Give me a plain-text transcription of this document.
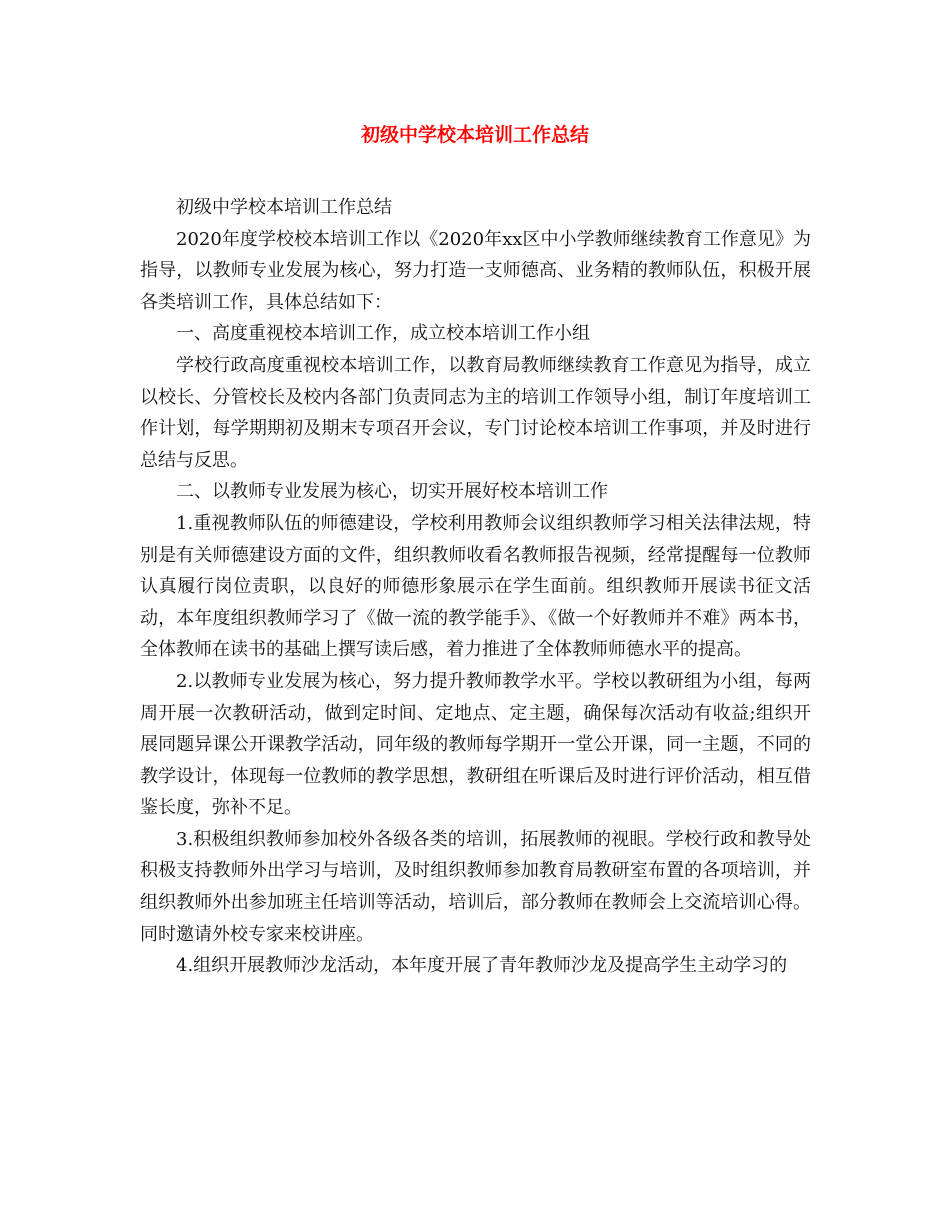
初级中学校本培训工作总结

初级中学校本培训工作总结

2020年度学校校本培训工作以《2020年xx区中小学教师继续教育工作意见》为指导，以教师专业发展为核心，努力打造一支师德高、业务精的教师队伍，积极开展各类培训工作，具体总结如下：

一、高度重视校本培训工作，成立校本培训工作小组

学校行政高度重视校本培训工作，以教育局教师继续教育工作意见为指导，成立以校长、分管校长及校内各部门负责同志为主的培训工作领导小组，制订年度培训工作计划，每学期期初及期末专项召开会议，专门讨论校本培训工作事项，并及时进行总结与反思。

二、以教师专业发展为核心，切实开展好校本培训工作

1.重视教师队伍的师德建设，学校利用教师会议组织教师学习相关法律法规，特别是有关师德建设方面的文件，组织教师收看名教师报告视频，经常提醒每一位教师认真履行岗位责职，以良好的师德形象展示在学生面前。组织教师开展读书征文活动，本年度组织教师学习了《做一流的教学能手》、《做一个好教师并不难》两本书，全体教师在读书的基础上撰写读后感，着力推进了全体教师师德水平的提高。

2.以教师专业发展为核心，努力提升教师教学水平。学校以教研组为小组，每两周开展一次教研活动，做到定时间、定地点、定主题，确保每次活动有收益;组织开展同题异课公开课教学活动，同年级的教师每学期开一堂公开课，同一主题，不同的教学设计，体现每一位教师的教学思想，教研组在听课后及时进行评价活动，相互借鉴长度，弥补不足。

3.积极组织教师参加校外各级各类的培训，拓展教师的视眼。学校行政和教导处积极支持教师外出学习与培训，及时组织教师参加教育局教研室布置的各项培训，并组织教师外出参加班主任培训等活动，培训后，部分教师在教师会上交流培训心得。同时邀请外校专家来校讲座。

4.组织开展教师沙龙活动，本年度开展了青年教师沙龙及提高学生主动学习的
